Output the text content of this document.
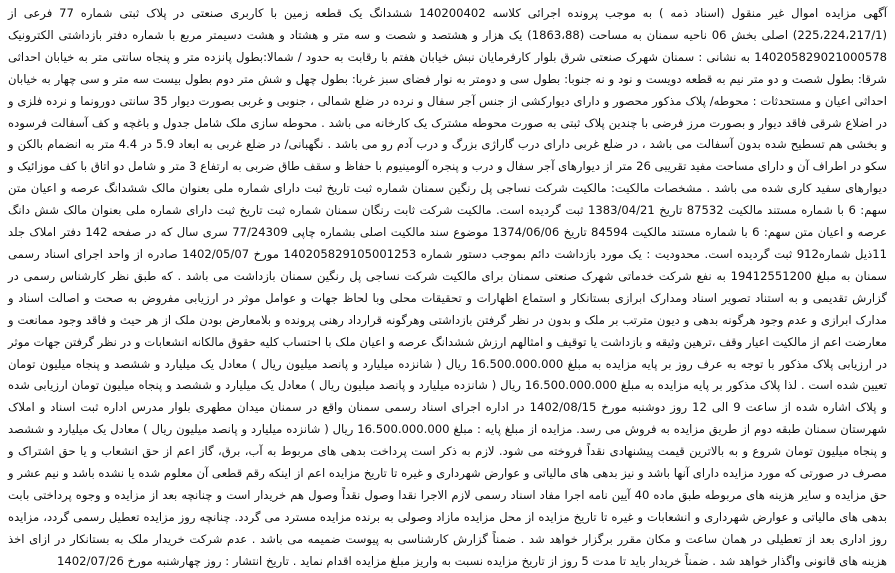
آگهی مزایده اموال غیر منقول (اسناد ذمه ) به موجب پرونده اجرائی کلاسه 140200402 ششدانگ یک قطعه زمین با کاربری صنعتی در پلاک ثبتی شماره 77 فرعی از (225،224،217/1) اصلی بخش 06 ناحیه سمنان به مساحت (1863،88) یک هزار و هشتصد و شصت و سه متر و هشتاد و هشت دسیمتر مربع با شماره دفتر بازداشتی الکترونیک 140205829021000578 به نشانی : سمنان شهرک صنعتی شرق بلوار کارفرمایان نبش خیابان هفتم با رقابت به حدود / شمالا:بطول پانزده متر و پنجاه سانتی متر به خیابان احداثی شرقا: بطول شصت و دو متر نیم به قطعه دویست و نود و نه جنوبا: بطول سی و دومتر به نوار فضای سبز غربا: بطول چهل و شش متر دوم بطول بیست سه متر و سی چهار به خیابان احداثی اعیان و مستحدثات : محوطه/ پلاک مذکور محصور و دارای دیوارکشی از جنس آجر سفال و نرده در ضلع شمالی ، جنوبی و غربی بصورت دیوار 35 سانتی دورونما و نرده فلزی و در اضلاع شرقی فاقد دیوار و بصورت مرز فرضی با چندین پلاک ثبتی به صورت محوطه مشترک یک کارخانه می باشد . محوطه سازی ملک شامل جدول و باغچه و کف آسفالت فرسوده و بخشی هم تسطیح شده بدون آسفالت می باشد ، در ضلع غربی دارای درب گاراژی بزرگ و درب آدم رو می باشد . نگهبانی/ در ضلع غربی به ابعاد 5.9 در 4.4 متر به انضمام بالکن و سکو در اطراف آن و دارای مساحت مفید تقریبی 26 متر از دیوارهای آجر سفال و درب و پنجره آلومینیوم با حفاظ و سقف طاق ضربی به ارتفاع 3 متر و شامل دو اتاق با کف موزائیک و دیوارهای سفید کاری شده می باشد . مشخصات مالکیت: مالکیت شرکت نساجی پل رنگین سمنان شماره ثبت تاریخ ثبت دارای شماره ملی بعنوان مالک ششدانگ عرصه و اعیان متن سهم: 6 با شماره مستند مالکیت 87532 تاریخ 1383/04/21 ثبت گردیده است. مالکیت شرکت ثابت رنگان سمنان شماره ثبت تاریخ ثبت دارای شماره ملی بعنوان مالک شش دانگ عرصه و اعیان متن سهم: 6 با شماره مستند مالکیت 84594 تاریخ 1374/06/06 موضوع سند مالکیت اصلی بشماره چاپی 77/24309 سری سال که در صفحه 142 دفتر املاک جلد 11ذیل شماره912 ثبت گردیده است. محدودیت : یک مورد بازداشت دائم بموجب دستور شماره 140205829105001253 مورخ 1402/05/07 صادره از واحد اجرای اسناد رسمی سمنان به مبلغ 19412551200 به نفع شرکت خدماتی شهرک صنعتی سمنان برای مالکیت شرکت نساجی پل رنگین سمنان بازداشت می باشد . که طبق نظر کارشناس رسمی در گزارش تقدیمی و به استناد تصویر اسناد ومدارک ابرازی بستانکار و استماع اظهارات و تحقیقات محلی وبا لحاظ جهات و عوامل موثر در ارزیابی مفروض به صحت و اصالت اسناد و مدارک ابرازی و عدم وجود هرگونه بدهی و دیون مترتب بر ملک و بدون در نظر گرفتن بازداشتی وهرگونه قرارداد رهنی پرونده و بلامعارض بودن ملک از هر حیث و فاقد وجود ممانعت و معارضت اعم از مالکیت اعیار وقف ،ترهین وثیقه و بازداشت یا توقیف و امثالهم ارزش ششدانگ عرصه و اعیان ملک با احتساب کلیه حقوق مالکانه انشعابات و در نظر گرفتن جهات موثر در ارزیابی پلاک مذکور با توجه به عرف روز بر پایه مزایده به مبلغ 16.500.000.000 ریال ( شانزده میلیارد و پانصد میلیون ریال ) معادل یک میلیارد و ششصد و پنجاه میلیون تومان تعیین شده است . لذا پلاک مذکور بر پایه مزایده به مبلغ 16.500.000.000 ریال ( شانزده میلیارد و پانصد میلیون ریال ) معادل یک میلیارد و ششصد و پنجاه میلیون تومان ارزیابی شده و پلاک اشاره شده از ساعت 9 الی 12 روز دوشنبه مورخ 1402/08/15 در اداره اجرای اسناد رسمی سمنان واقع در سمنان میدان مطهری بلوار مدرس اداره ثبت اسناد و املاک شهرستان سمنان طبقه دوم از طریق مزایده به فروش می رسد. مزایده از مبلغ پایه : مبلغ 16.500.000.000 ریال ( شانزده میلیارد و پانصد میلیون ریال ) معادل یک میلیارد و ششصد و پنجاه میلیون تومان شروع و به بالاترین قیمت پیشنهادی نقداً فروخته می شود. لازم به ذکر است پرداخت بدهی های مربوط به آب، برق، گاز اعم از حق انشعاب و یا حق اشتراک و مصرف در صورتی که مورد مزایده دارای آنها باشد و نیز بدهی های مالیاتی و عوارض شهرداری و غیره تا تاریخ مزایده اعم از اینکه رقم قطعی آن معلوم شده یا نشده باشد و نیم عشر و حق مزایده و سایر هزینه های مربوطه طبق ماده 40 آیین نامه اجرا مفاد اسناد رسمی لازم الاجرا نقدا وصول نقداً وصول هم خریدار است و چنانچه بعد از مزایده و وجوه پرداختی بابت بدهی های مالیاتی و عوارض شهرداری و انشعابات و غیره تا تاریخ مزایده از محل مزایده مازاد وصولی به برنده مزایده مسترد می گردد. چنانچه روز مزایده تعطیل رسمی گردد، مزایده روز اداری بعد از تعطیلی در همان ساعت و مکان مقرر برگزار خواهد شد . ضمناً گزارش کارشناسی به پیوست ضمیمه می باشد . عدم شرکت خریدار ملک به بستانکار در ازای اخذ هزینه های قانونی واگذار خواهد شد . ضمناً خریدار باید تا مدت 5 روز از تاریخ مزایده نسبت به واریز مبلغ مزایده اقدام نماید . تاریخ انتشار : روز چهارشنبه مورخ 1402/07/26
